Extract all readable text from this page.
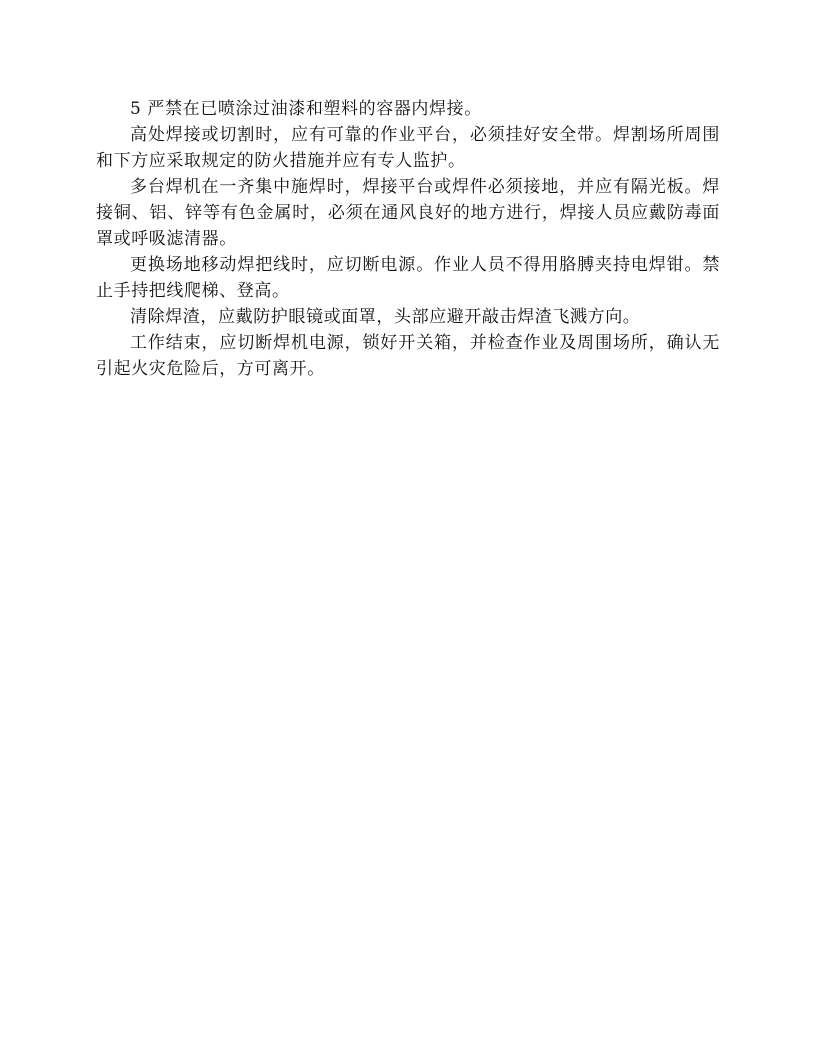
5 严禁在已喷涂过油漆和塑料的容器内焊接。

高处焊接或切割时，应有可靠的作业平台，必须挂好安全带。焊割场所周围和下方应采取规定的防火措施并应有专人监护。

多台焊机在一齐集中施焊时，焊接平台或焊件必须接地，并应有隔光板。焊接铜、铝、锌等有色金属时，必须在通风良好的地方进行，焊接人员应戴防毒面罩或呼吸滤清器。

更换场地移动焊把线时，应切断电源。作业人员不得用胳膊夹持电焊钳。禁止手持把线爬梯、登高。

清除焊渣，应戴防护眼镜或面罩，头部应避开敲击焊渣飞溅方向。

工作结束，应切断焊机电源，锁好开关箱，并检查作业及周围场所，确认无引起火灾危险后，方可离开。
